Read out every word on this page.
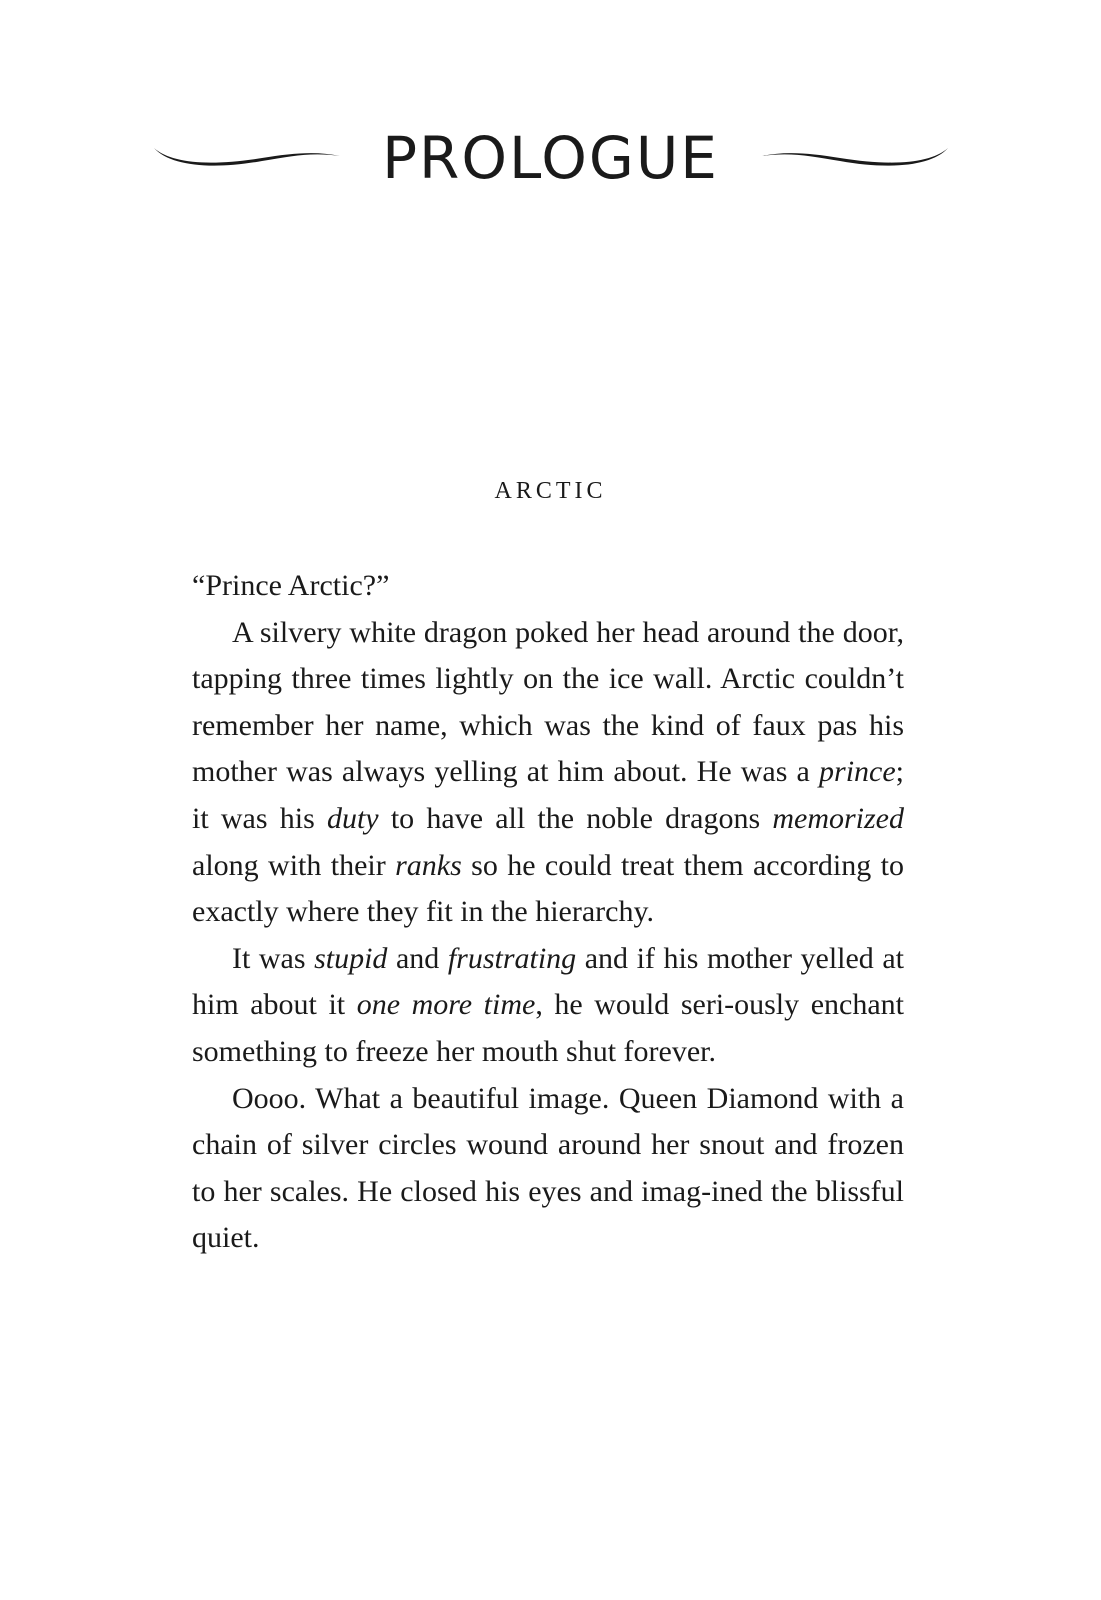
PROLOGUE
ARCTIC

“Prince Arctic?”

A silvery white dragon poked her head around the door, tapping three times lightly on the ice wall. Arctic couldn’t remember her name, which was the kind of faux pas his mother was always yelling at him about. He was a prince; it was his duty to have all the noble dragons memorized along with their ranks so he could treat them according to exactly where they fit in the hierarchy.

It was stupid and frustrating and if his mother yelled at him about it one more time, he would seri-ously enchant something to freeze her mouth shut forever.

Oooo. What a beautiful image. Queen Diamond with a chain of silver circles wound around her snout and frozen to her scales. He closed his eyes and imag-ined the blissful quiet.
